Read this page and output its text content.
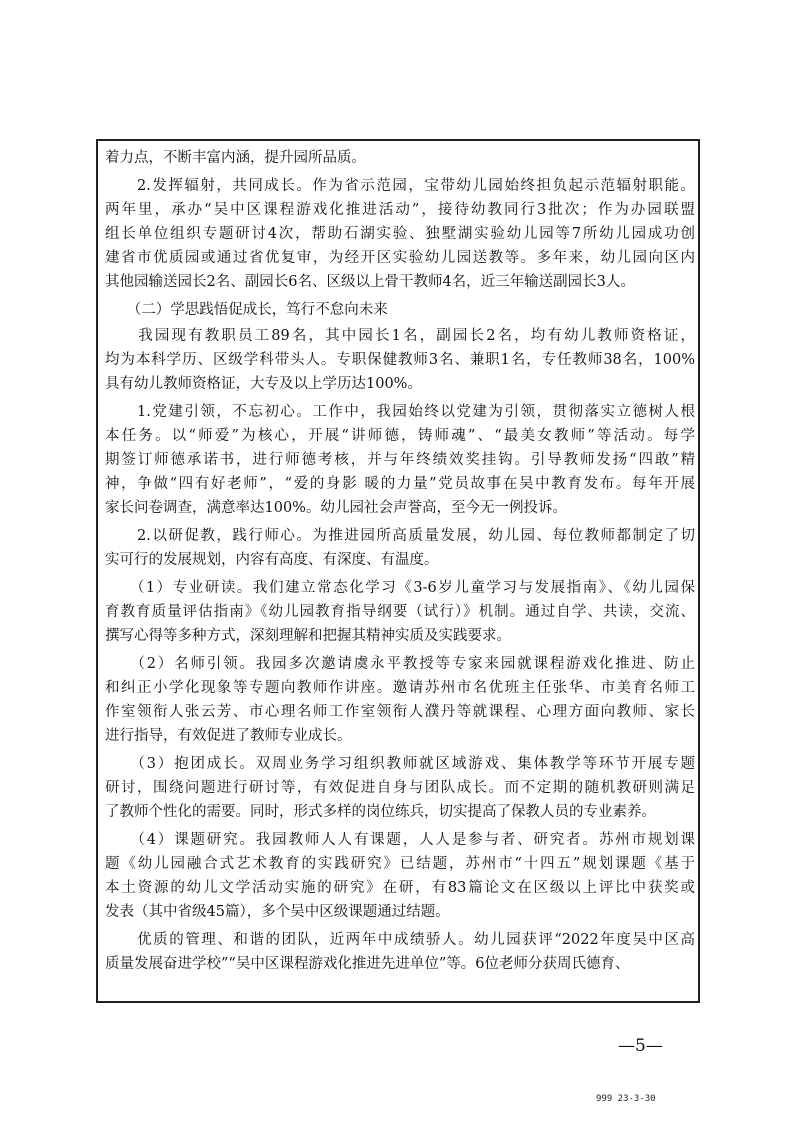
着力点，不断丰富内涵，提升园所品质。
　　2.发挥辐射，共同成长。作为省示范园，宝带幼儿园始终担负起示范辐射职能。
两年里，承办“吴中区课程游戏化推进活动”，接待幼教同行3批次；作为办园联盟
组长单位组织专题研讨4次，帮助石湖实验、独墅湖实验幼儿园等7所幼儿园成功创
建省市优质园或通过省优复审，为经开区实验幼儿园送教等。多年来，幼儿园向区内
其他园输送园长2名、副园长6名、区级以上骨干教师4名，近三年输送副园长3人。
　　（二）学思践悟促成长，笃行不怠向未来
　　我园现有教职员工89名，其中园长1名，副园长2名，均有幼儿教师资格证，
均为本科学历、区级学科带头人。专职保健教师3名、兼职1名，专任教师38名，100%
具有幼儿教师资格证，大专及以上学历达100%。
　　1.党建引领，不忘初心。工作中，我园始终以党建为引领，贯彻落实立德树人根
本任务。以“师爱”为核心，开展“讲师德，铸师魂”、“最美女教师”等活动。每学
期签订师德承诺书，进行师德考核，并与年终绩效奖挂钩。引导教师发扬“四敢”精
神，争做“四有好老师”，“爱的身影 暖的力量”党员故事在吴中教育发布。每年开展
家长问卷调查，满意率达100%。幼儿园社会声誉高，至今无一例投诉。
　　2.以研促教，践行师心。为推进园所高质量发展，幼儿园、每位教师都制定了切
实可行的发展规划，内容有高度、有深度、有温度。
　　（1）专业研读。我们建立常态化学习《3-6岁儿童学习与发展指南》、《幼儿园保
育教育质量评估指南》《幼儿园教育指导纲要（试行）》机制。通过自学、共读，交流、
撰写心得等多种方式，深刻理解和把握其精神实质及实践要求。
　　（2）名师引领。我园多次邀请虞永平教授等专家来园就课程游戏化推进、防止
和纠正小学化现象等专题向教师作讲座。邀请苏州市名优班主任张华、市美育名师工
作室领衔人张云芳、市心理名师工作室领衔人濮丹等就课程、心理方面向教师、家长
进行指导，有效促进了教师专业成长。
　　（3）抱团成长。双周业务学习组织教师就区域游戏、集体教学等环节开展专题
研讨，围绕问题进行研讨等，有效促进自身与团队成长。而不定期的随机教研则满足
了教师个性化的需要。同时，形式多样的岗位练兵，切实提高了保教人员的专业素养。
　　（4）课题研究。我园教师人人有课题，人人是参与者、研究者。苏州市规划课
题《幼儿园融合式艺术教育的实践研究》已结题，苏州市“十四五”规划课题《基于
本土资源的幼儿文学活动实施的研究》在研，有83篇论文在区级以上评比中获奖或
发表（其中省级45篇），多个吴中区级课题通过结题。
　　优质的管理、和谐的团队，近两年中成绩骄人。幼儿园获评“2022年度吴中区高
质量发展奋进学校”“吴中区课程游戏化推进先进单位”等。6位老师分获周氏德育、
—5—
999 23-3-30
